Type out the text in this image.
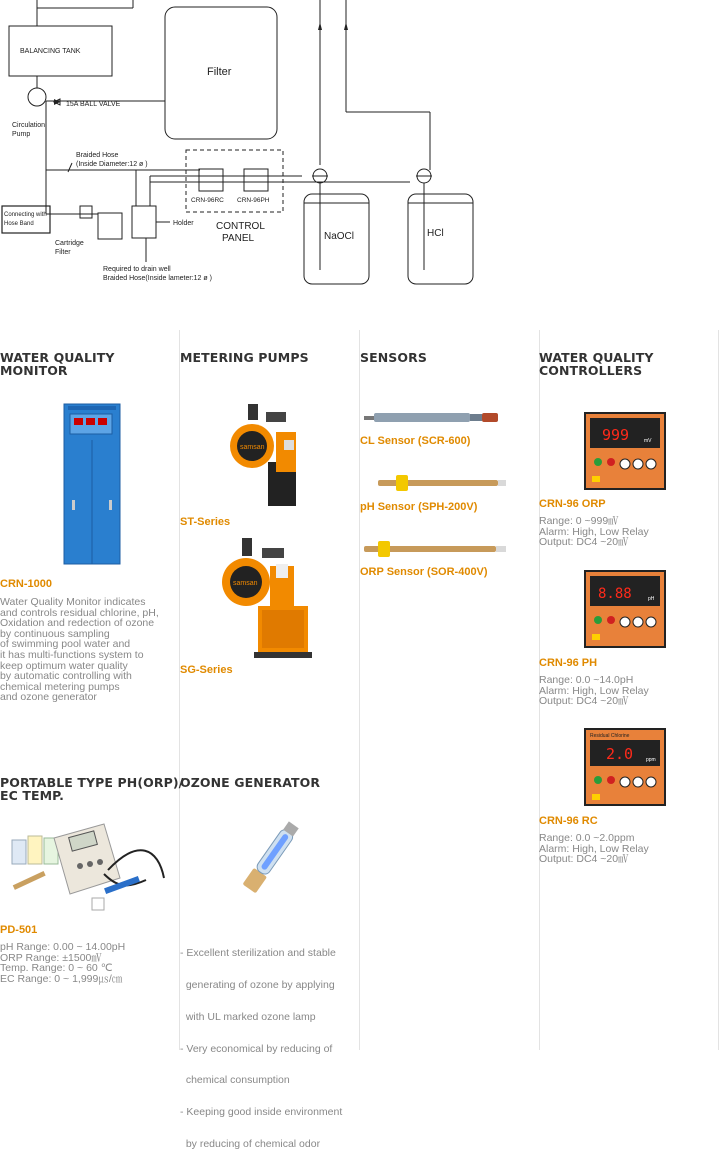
BALANCING TANK
Filter
15A BALL VALVE
Circulation
Pump
Braided Hose
(Inside Diameter:12 ø )
CRN-96RC CRN-96PH
CONTROL
PANEL	NaOCl	HCl
Connecting with
Hose Band	Holder
Cartridge
Filter
Required to drain well
Braided Hose(Inside lameter:12 ø )
WATER QUALITY
MONITOR
CRN-1000
Water Quality Monitor indicates
and controls residual chlorine, pH,
Oxidation and redection of ozone
by continuous sampling
of swimming pool water and
it has multi-functions system to
keep optimum water quality
by automatic controlling with
chemical metering pumps
and ozone generator
METERING PUMPS
samsan
ST-Series
samsan
SG-Series
SENSORS
CL Sensor (SCR-600)
pH Sensor (SPH-200V)
ORP Sensor (SOR-400V)
WATER QUALITY
CONTROLLERS
999	mV
CRN-96 ORP
Range: 0 ~999㎷
Alarm: High, Low Relay
Output: DC4 ~20㎷
8.88	pH
CRN-96 PH
Range: 0.0 ~14.0pH
Alarm: High, Low Relay
Output: DC4 ~20㎷
Residual Chlorine
2.0	ppm
CRN-96 RC
Range: 0.0 ~2.0ppm
Alarm: High, Low Relay
Output: DC4 ~20㎷
PORTABLE TYPE PH(ORP)/
EC TEMP.
PD-501
pH Range: 0.00 ~ 14.00pH
ORP Range: ±1500㎷
Temp. Range: 0 ~ 60 ℃
EC Range: 0 ~ 1,999㎲/㎝
OZONE GENERATOR

- Excellent sterilization and stable

generating of ozone by applying

with UL marked ozone lamp

- Very economical by reducing of

chemical consumption

- Keeping good inside environment

by reducing of chemical odor
